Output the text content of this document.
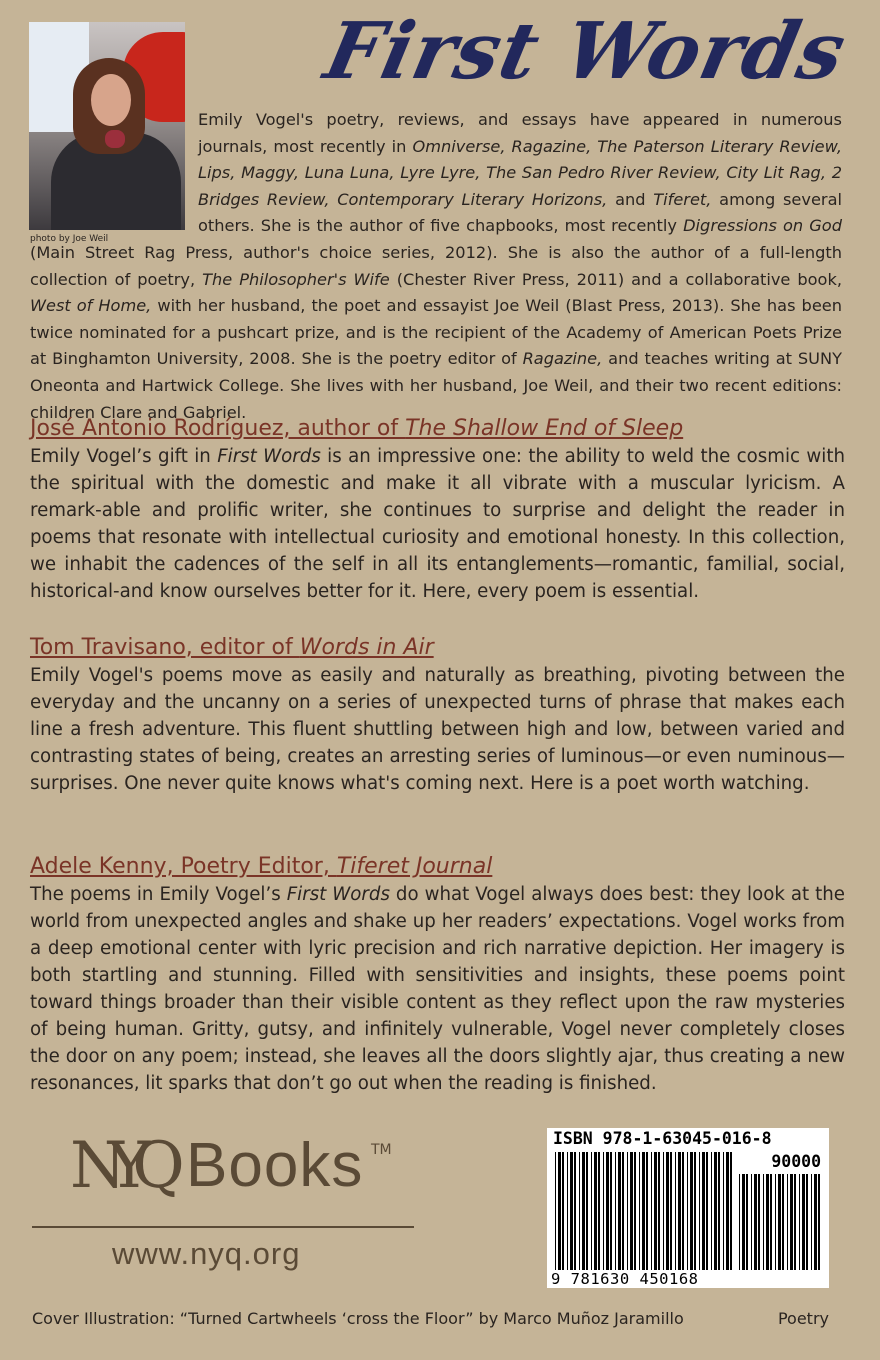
First Words
photo by Joe Weil

Emily Vogel's poetry, reviews, and essays have appeared in numerous journals, most recently in Omniverse, Ragazine, The Paterson Literary Review, Lips, Maggy, Luna Luna, Lyre Lyre, The San Pedro River Review, City Lit Rag, 2 Bridges Review, Contemporary Literary Horizons, and Tiferet, among several others. She is the author of five chapbooks, most recently Digressions on God (Main Street Rag Press, author's choice series, 2012). She is also the author of a full-length collection of poetry, The Philosopher's Wife (Chester River Press, 2011) and a collaborative book, West of Home, with her husband, the poet and essayist Joe Weil (Blast Press, 2013). She has been twice nominated for a pushcart prize, and is the recipient of the Academy of American Poets Prize at Binghamton University, 2008. She is the poetry editor of Ragazine, and teaches writing at SUNY Oneonta and Hartwick College. She lives with her husband, Joe Weil, and their two recent editions: children Clare and Gabriel.

José Antonio Rodríguez, author of The Shallow End of Sleep

Emily Vogel’s gift in First Words is an impressive one: the ability to weld the cosmic with the spiritual with the domestic and make it all vibrate with a muscular lyricism. A remark-able and prolific writer, she continues to surprise and delight the reader in poems that resonate with intellectual curiosity and emotional honesty. In this collection, we inhabit the cadences of the self in all its entanglements—romantic, familial, social, historical-and know ourselves better for it. Here, every poem is essential.

Tom Travisano, editor of Words in Air

Emily Vogel's poems move as easily and naturally as breathing, pivoting between the everyday and the uncanny on a series of unexpected turns of phrase that makes each line a fresh adventure. This fluent shuttling between high and low, between varied and contrasting states of being, creates an arresting series of luminous—or even numinous—surprises. One never quite knows what's coming next. Here is a poet worth watching.

Adele Kenny, Poetry Editor, Tiferet Journal

The poems in Emily Vogel’s First Words do what Vogel always does best: they look at the world from unexpected angles and shake up her readers’ expectations. Vogel works from a deep emotional center with lyric precision and rich narrative depiction. Her imagery is both startling and stunning. Filled with sensitivities and insights, these poems point toward things broader than their visible content as they reflect upon the raw mysteries of being human. Gritty, gutsy, and infinitely vulnerable, Vogel never completely closes the door on any poem; instead, she leaves all the doors slightly ajar, thus creating a new resonances, lit sparks that don’t go out when the reading is finished.

NYQ Books TM
www.nyq.org
ISBN 978-1-63045-016-8
90000
9 781630 450168
Cover Illustration: “Turned Cartwheels ‘cross the Floor” by Marco Muñoz Jaramillo	Poetry
